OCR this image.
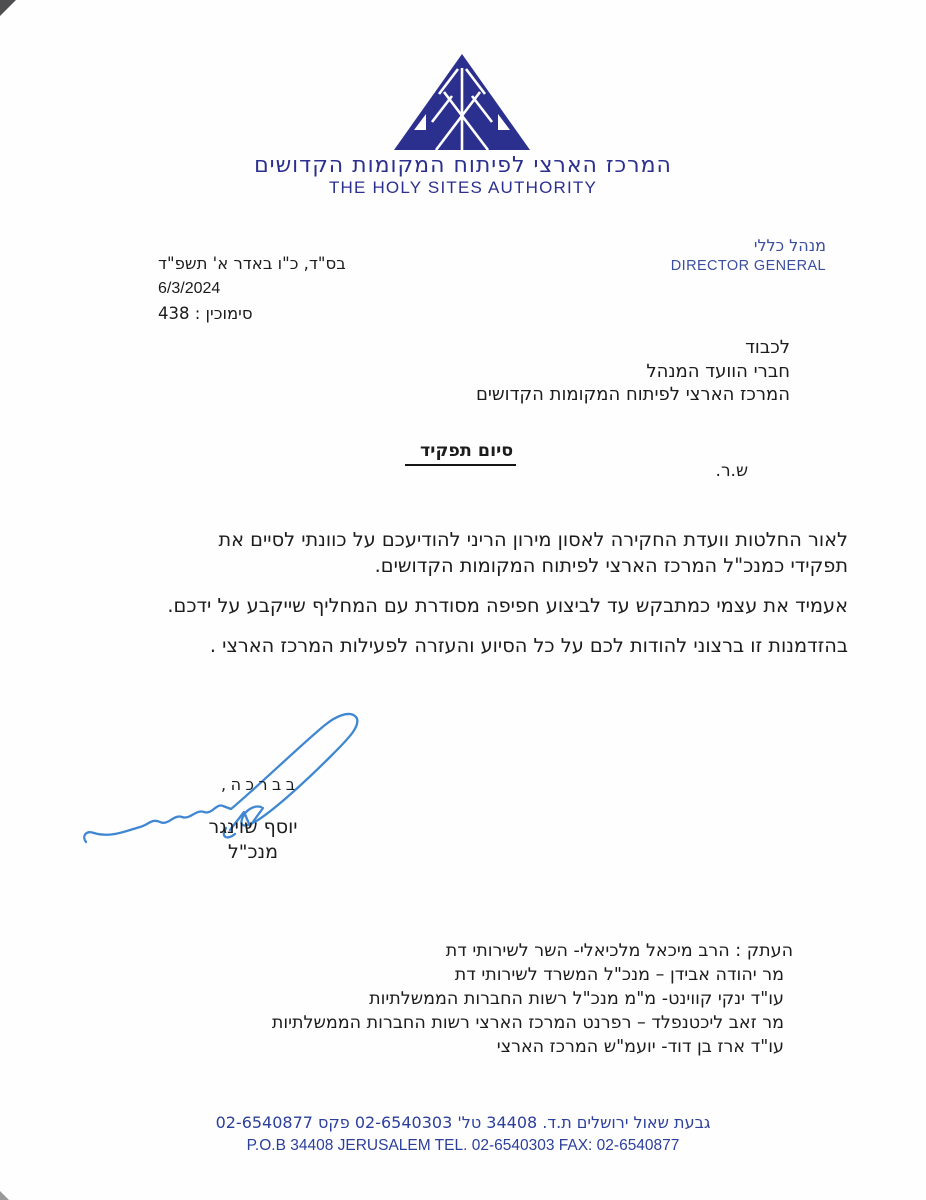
המרכז הארצי לפיתוח המקומות הקדושים
THE HOLY SITES AUTHORITY
מנהל כללי
DIRECTOR GENERAL
בס"ד, כ"ו באדר א' תשפ"ד
6/3/2024
סימוכין : 438
לכבוד
חברי הוועד המנהל
המרכז הארצי לפיתוח המקומות הקדושים
סיום תפקיד
ש.ר.

לאור החלטות וועדת החקירה לאסון מירון הריני להודיעכם על כוונתי לסיים את תפקידי כמנכ"ל המרכז הארצי לפיתוח המקומות הקדושים.

אעמיד את עצמי כמתבקש עד לביצוע חפיפה מסודרת עם המחליף שייקבע על ידכם.

בהזדמנות זו ברצוני להודות לכם על כל הסיוע והעזרה לפעילות המרכז הארצי .

בברכה,
יוסף שוינגר
מנכ"ל
העתק : הרב מיכאל מלכיאלי- השר לשירותי דת
מר יהודה אבידן – מנכ"ל המשרד לשירותי דת
עו"ד ינקי קווינט- מ"מ מנכ"ל רשות החברות הממשלתיות
מר זאב ליכטנפלד – רפרנט המרכז הארצי רשות החברות הממשלתיות
עו"ד ארז בן דוד- יועמ"ש המרכז הארצי
גבעת שאול ירושלים ת.ד. 34408 טל' 02-6540303 פקס 02-6540877
P.O.B 34408 JERUSALEM TEL. 02-6540303 FAX: 02-6540877
